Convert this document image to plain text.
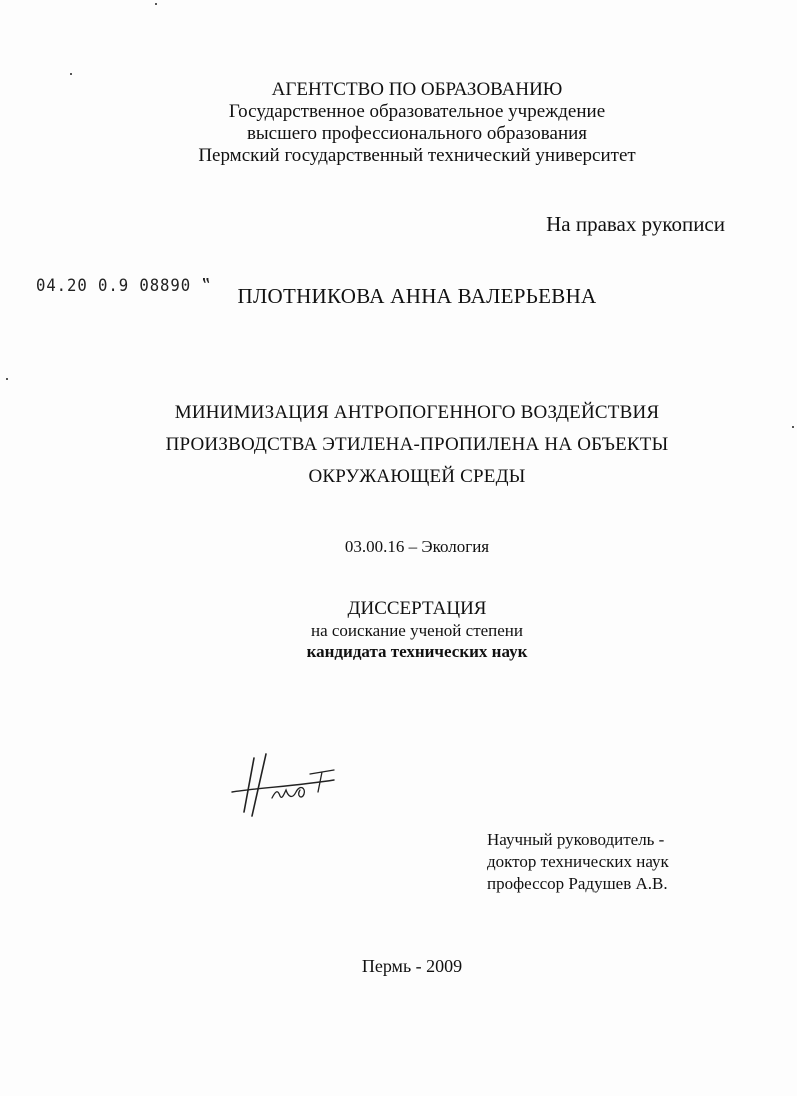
АГЕНТСТВО ПО ОБРАЗОВАНИЮ
Государственное образовательное учреждение
высшего профессионального образования
Пермский государственный технический университет
На правах рукописи
04.20 0.9 08890 ‟	ПЛОТНИКОВА АННА ВАЛЕРЬЕВНА
МИНИМИЗАЦИЯ АНТРОПОГЕННОГО ВОЗДЕЙСТВИЯ
ПРОИЗВОДСТВА ЭТИЛЕНА-ПРОПИЛЕНА НА ОБЪЕКТЫ
ОКРУЖАЮЩЕЙ СРЕДЫ
03.00.16 – Экология
ДИССЕРТАЦИЯ
на соискание ученой степени
кандидата технических наук
Научный руководитель -
доктор технических наук
профессор Радушев А.В.
Пермь - 2009
